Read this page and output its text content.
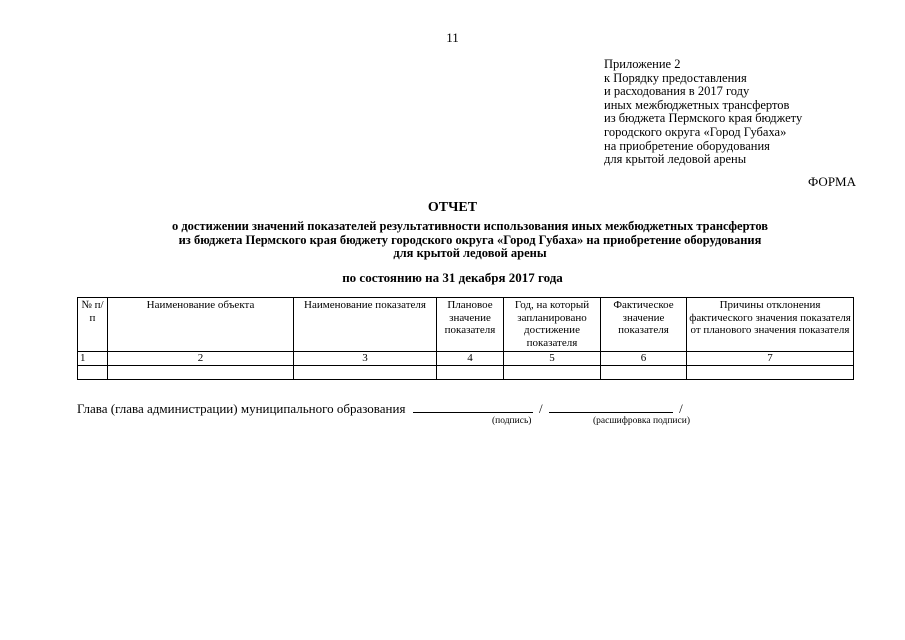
11
Приложение 2
к Порядку предоставления
и расходования в 2017 году
иных межбюджетных трансфертов
из бюджета Пермского края бюджету
городского округа «Город Губаха»
на приобретение оборудования
для крытой ледовой арены
ФОРМА
ОТЧЕТ
о достижении значений показателей результативности использования иных межбюджетных трансфертов
из бюджета Пермского края бюджету городского округа «Город Губаха» на приобретение оборудования
для крытой ледовой арены
по состоянию на 31 декабря 2017 года
№ п/п	Наименование объекта	Наименование показателя	Плановое значение показателя	Год, на который запланировано достижение показателя	Фактическое значение показателя	Причины отклонения фактического значения показателя от планового значения показателя
1	2	3	4	5	6	7

Глава (глава администрации) муниципального образования	/	/
(подпись)	(расшифровка подписи)
